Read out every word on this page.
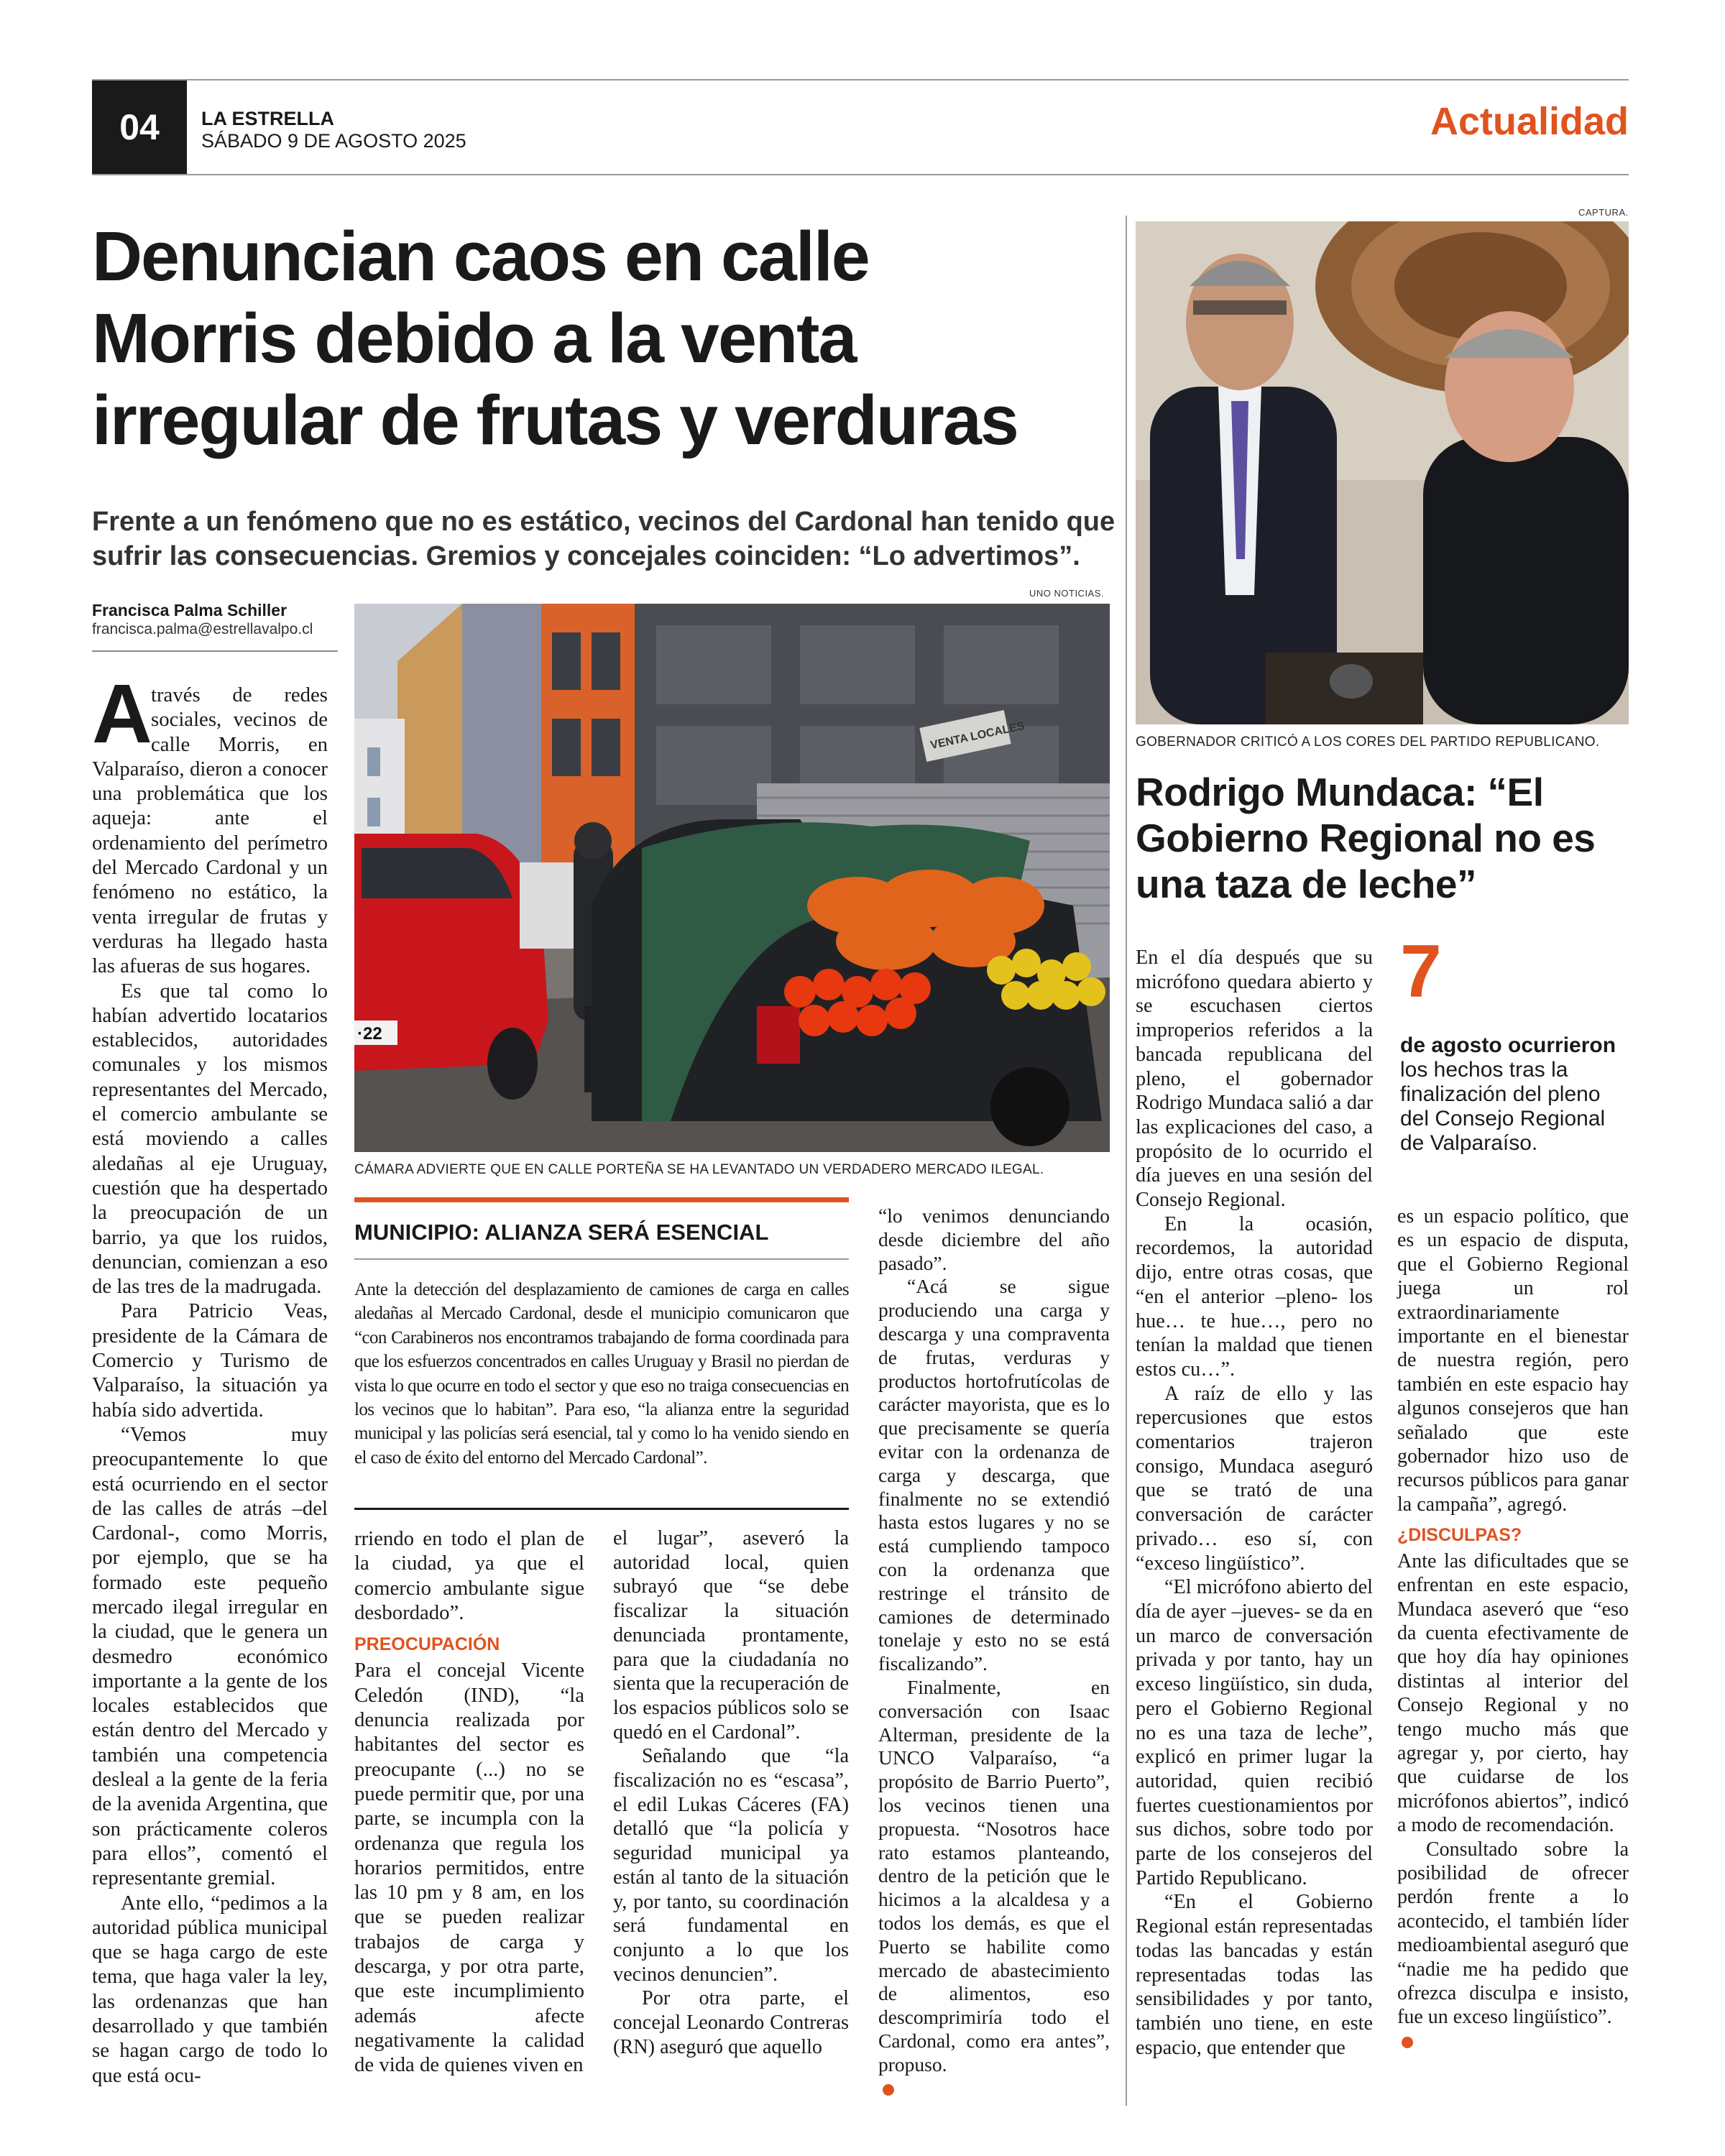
04	LA ESTRELLA
SÁBADO 9 DE AGOSTO 2025	Actualidad
Denuncian caos en calle
Morris debido a la venta
irregular de frutas y verduras
Frente a un fenómeno que no es estático, vecinos del Cardonal han tenido que sufrir las consecuencias. Gremios y concejales coinciden: “Lo advertimos”.
Francisca Palma Schiller
francisca.palma@estrellavalpo.cl
UNO NOTICIAS.
VENTA LOCALES
·22
CÁMARA ADVIERTE QUE EN CALLE PORTEÑA SE HA LEVANTADO UN VERDADERO MERCADO ILEGAL.
A

través de redes sociales, vecinos de calle Morris, en Valparaíso, dieron a conocer una problemática que los aqueja: ante el ordenamiento del perímetro del Mercado Cardonal y un fenómeno no estático, la venta irregular de frutas y verduras ha llegado hasta las afueras de sus hogares.

Es que tal como lo habían advertido locatarios establecidos, autoridades comunales y los mismos representantes del Mercado, el comercio ambulante se está moviendo a calles aledañas al eje Uruguay, cuestión que ha despertado la preocupación de un barrio, ya que los ruidos, denuncian, comienzan a eso de las tres de la madrugada.

Para Patricio Veas, presidente de la Cámara de Comercio y Turismo de Valparaíso, la situación ya había sido advertida.

“Vemos muy preocupantemente lo que está ocurriendo en el sector de las calles de atrás –del Cardonal-, como Morris, por ejemplo, que se ha formado este pequeño mercado ilegal irregular en la ciudad, que le genera un desmedro económico importante a la gente de los locales establecidos que están dentro del Mercado y también una competencia desleal a la gente de la feria de la avenida Argentina, que son prácticamente coleros para ellos”, comentó el representante gremial.

Ante ello, “pedimos a la autoridad pública municipal que se haga cargo de este tema, que haga valer la ley, las ordenanzas que han desarrollado y que también se hagan cargo de todo lo que está ocu-

MUNICIPIO: ALIANZA SERÁ ESENCIAL
Ante la detección del desplazamiento de camiones de carga en calles aledañas al Mercado Cardonal, desde el municipio comunicaron que “con Carabineros nos encontramos trabajando de forma coordinada para que los esfuerzos concentrados en calles Uruguay y Brasil no pierdan de vista lo que ocurre en todo el sector y que eso no traiga consecuencias en los vecinos que lo habitan”. Para eso, “la alianza entre la seguridad municipal y las policías será esencial, tal y como lo ha venido siendo en el caso de éxito del entorno del Mercado Cardonal”.

rriendo en todo el plan de la ciudad, ya que el comercio ambulante sigue desbordado”.

PREOCUPACIÓN

Para el concejal Vicente Celedón (IND), “la denuncia realizada por habitantes del sector es preocupante (...) no se puede permitir que, por una parte, se incumpla con la ordenanza que regula los horarios permitidos, entre las 10 pm y 8 am, en los que se pueden realizar trabajos de carga y descarga, y por otra parte, que este incumplimiento además afecte negativamente la calidad de vida de quienes viven en

el lugar”, aseveró la autoridad local, quien subrayó que “se debe fiscalizar la situación denunciada prontamente, para que la ciudadanía no sienta que la recuperación de los espacios públicos solo se quedó en el Cardonal”.

Señalando que “la fiscalización no es “escasa”, el edil Lukas Cáceres (FA) detalló que “la policía y seguridad municipal ya están al tanto de la situación y, por tanto, su coordinación será fundamental en conjunto a lo que los vecinos denuncien”.

Por otra parte, el concejal Leonardo Contreras (RN) aseguró que aquello

“lo venimos denunciando desde diciembre del año pasado”.

“Acá se sigue produciendo una carga y descarga y una compraventa de frutas, verduras y productos hortofrutícolas de carácter mayorista, que es lo que precisamente se quería evitar con la ordenanza de carga y descarga, que finalmente no se extendió hasta estos lugares y no se está cumpliendo tampoco con la ordenanza que restringe el tránsito de camiones de determinado tonelaje y esto no se está fiscalizando”.

Finalmente, en conversación con Isaac Alterman, presidente de la UNCO Valparaíso, “a propósito de Barrio Puerto”, los vecinos tienen una propuesta. “Nosotros hace rato estamos planteando, dentro de la petición que le hicimos a la alcaldesa y a todos los demás, es que el Puerto se habilite como mercado de abastecimiento de alimentos, eso descomprimiría todo el Cardonal, como era antes”, propuso.

CAPTURA.
GOBERNADOR CRITICÓ A LOS CORES DEL PARTIDO REPUBLICANO.
Rodrigo Mundaca: “El Gobierno Regional no es una taza de leche”
7
de agosto ocurrieron
los hechos tras la finalización del pleno del Consejo Regional de Valparaíso.

En el día después que su micrófono quedara abierto y se escuchasen ciertos improperios referidos a la bancada republicana del pleno, el gobernador Rodrigo Mundaca salió a dar las explicaciones del caso, a propósito de lo ocurrido el día jueves en una sesión del Consejo Regional.

En la ocasión, recordemos, la autoridad dijo, entre otras cosas, que “en el anterior –pleno- los hue… te hue…, pero no tenían la maldad que tienen estos cu…”.

A raíz de ello y las repercusiones que estos comentarios trajeron consigo, Mundaca aseguró que se trató de una conversación de carácter privado… eso sí, con “exceso lingüístico”.

“El micrófono abierto del día de ayer –jueves- se da en un marco de conversación privada y por tanto, hay un exceso lingüístico, sin duda, pero el Gobierno Regional no es una taza de leche”, explicó en primer lugar la autoridad, quien recibió fuertes cuestionamientos por sus dichos, sobre todo por parte de los consejeros del Partido Republicano.

“En el Gobierno Regional están representadas todas las bancadas y están representadas todas las sensibilidades y por tanto, también uno tiene, en este espacio, que entender que

es un espacio político, que es un espacio de disputa, que el Gobierno Regional juega un rol extraordinariamente importante en el bienestar de nuestra región, pero también en este espacio hay algunos consejeros que han señalado que este gobernador hizo uso de recursos públicos para ganar la campaña”, agregó.

¿DISCULPAS?

Ante las dificultades que se enfrentan en este espacio, Mundaca aseveró que “eso da cuenta efectivamente de que hoy día hay opiniones distintas al interior del Consejo Regional y no tengo mucho más que agregar y, por cierto, hay que cuidarse de los micrófonos abiertos”, indicó a modo de recomendación.

Consultado sobre la posibilidad de ofrecer perdón frente a lo acontecido, el también líder medioambiental aseguró que “nadie me ha pedido que ofrezca disculpa e insisto, fue un exceso lingüístico”.
